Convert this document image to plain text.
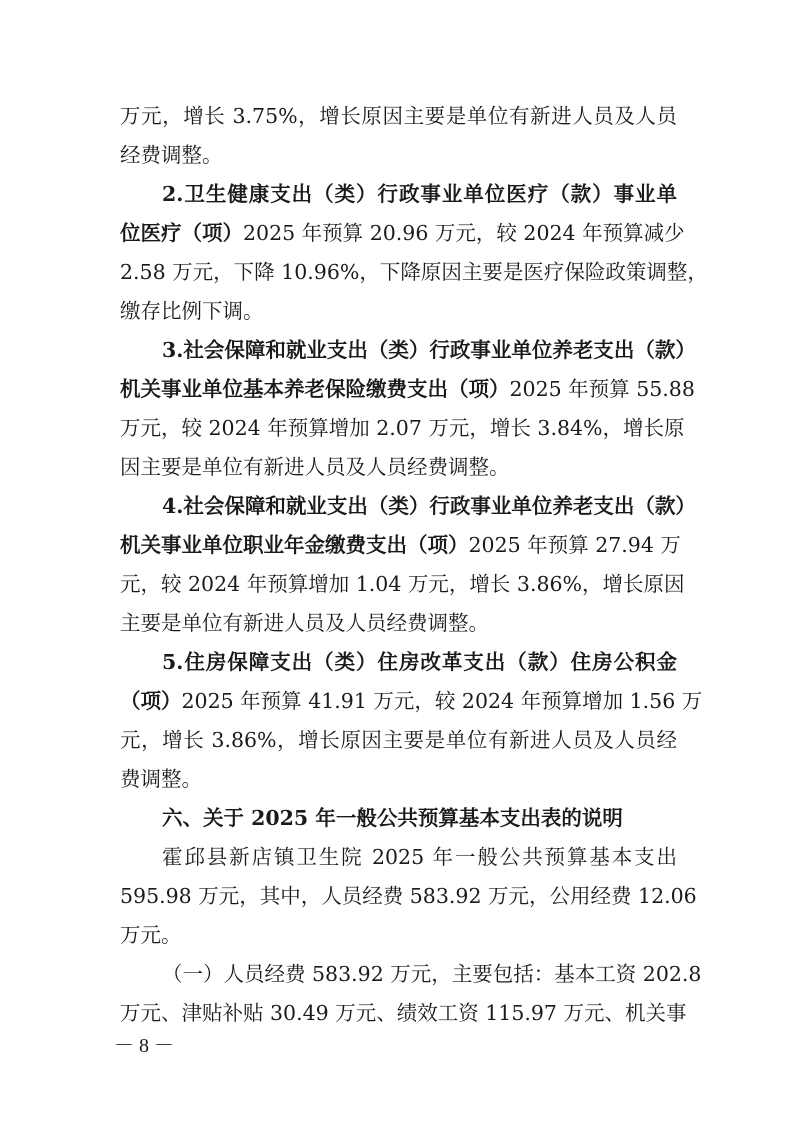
万元，增长 3.75%，增长原因主要是单位有新进人员及人员
经费调整。
2.卫生健康支出（类）行政事业单位医疗（款）事业单
位医疗（项）2025 年预算 20.96 万元，较 2024 年预算减少
2.58 万元，下降 10.96%，下降原因主要是医疗保险政策调整，
缴存比例下调。
3.社会保障和就业支出（类）行政事业单位养老支出（款）
机关事业单位基本养老保险缴费支出（项）2025 年预算 55.88
万元，较 2024 年预算增加 2.07 万元，增长 3.84%，增长原
因主要是单位有新进人员及人员经费调整。
4.社会保障和就业支出（类）行政事业单位养老支出（款）
机关事业单位职业年金缴费支出（项）2025 年预算 27.94 万
元，较 2024 年预算增加 1.04 万元，增长 3.86%，增长原因
主要是单位有新进人员及人员经费调整。
5.住房保障支出（类）住房改革支出（款）住房公积金
（项）2025 年预算 41.91 万元，较 2024 年预算增加 1.56 万
元，增长 3.86%，增长原因主要是单位有新进人员及人员经
费调整。
六、关于 2025 年一般公共预算基本支出表的说明
霍邱县新店镇卫生院 2025 年一般公共预算基本支出
595.98 万元，其中，人员经费 583.92 万元，公用经费 12.06
万元。
（一）人员经费 583.92 万元，主要包括：基本工资 202.8
万元、津贴补贴 30.49 万元、绩效工资 115.97 万元、机关事
－ 8 －
